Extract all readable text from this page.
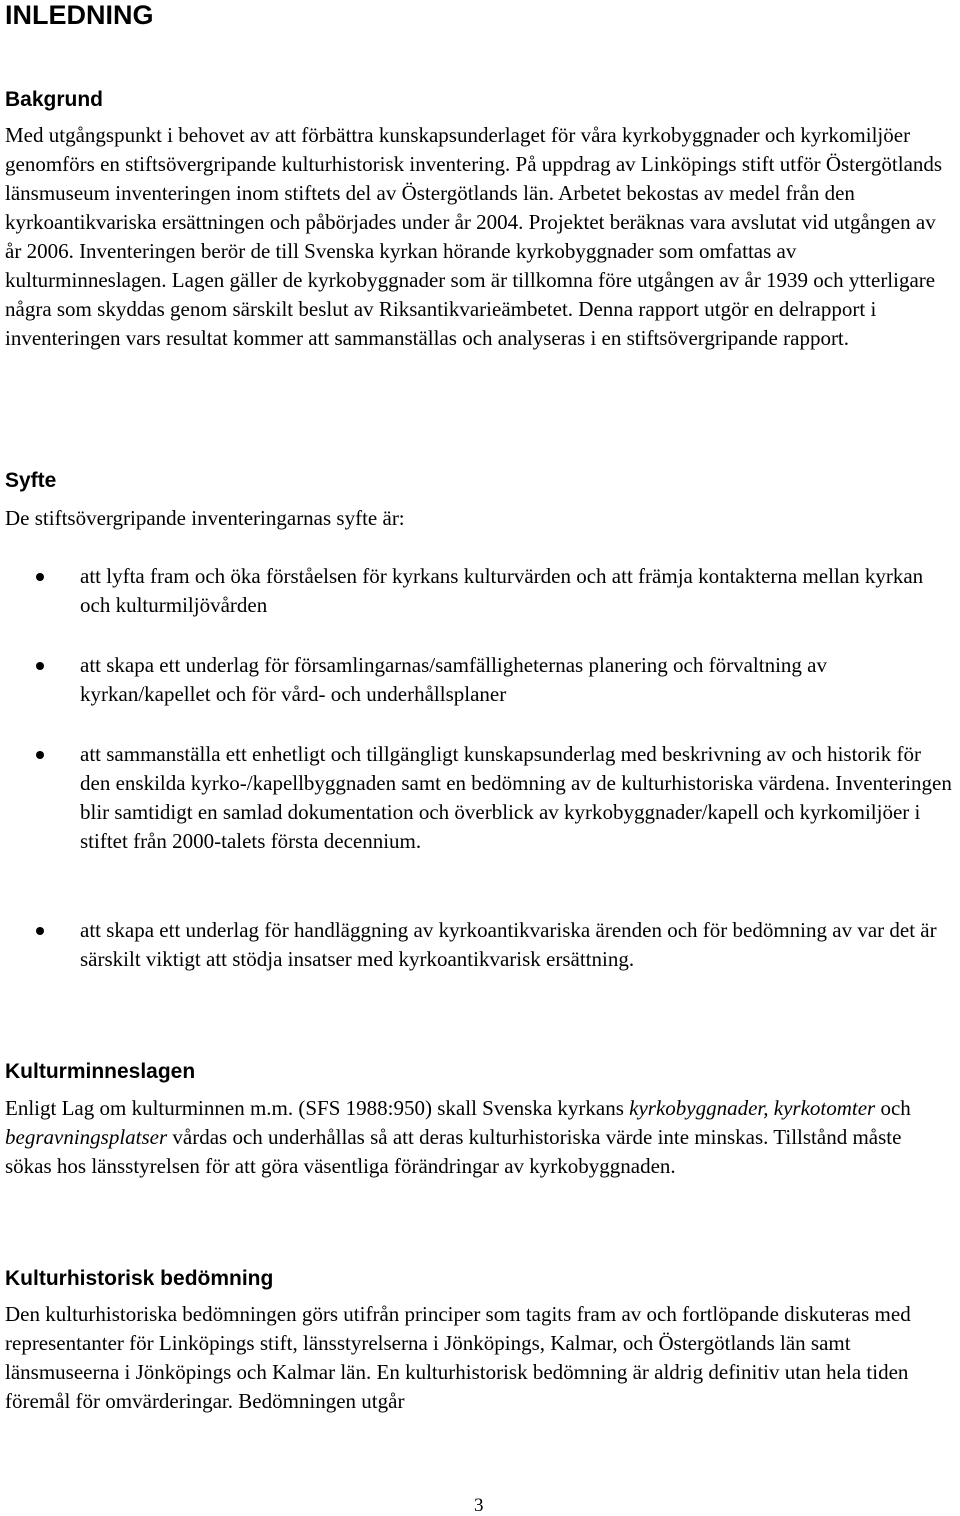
INLEDNING
Bakgrund

Med utgångspunkt i behovet av att förbättra kunskapsunderlaget för våra kyrkobyggnader och kyrkomiljöer genomförs en stiftsövergripande kulturhistorisk inventering. På uppdrag av Linköpings stift utför Östergötlands länsmuseum inventeringen inom stiftets del av Östergötlands län. Arbetet bekostas av medel från den kyrkoantikvariska ersättningen och påbörjades under år 2004. Projektet beräknas vara avslutat vid utgången av år 2006. Inventeringen berör de till Svenska kyrkan hörande kyrkobyggnader som omfattas av kulturminneslagen. Lagen gäller de kyrkobyggnader som är tillkomna före utgången av år 1939 och ytterligare några som skyddas genom särskilt beslut av Riksantikvarieämbetet. Denna rapport utgör en delrapport i inventeringen vars resultat kommer att sammanställas och analyseras i en stiftsövergripande rapport.

Syfte

De stiftsövergripande inventeringarnas syfte är:

att lyfta fram och öka förståelsen för kyrkans kulturvärden och att främja kontakterna mellan kyrkan och kulturmiljövården
att skapa ett underlag för församlingarnas/samfälligheternas planering och förvaltning av kyrkan/kapellet och för vård- och underhållsplaner
att sammanställa ett enhetligt och tillgängligt kunskapsunderlag med beskrivning av och historik för den enskilda kyrko-/kapellbyggnaden samt en bedömning av de kulturhistoriska värdena. Inventeringen blir samtidigt en samlad dokumentation och överblick av kyrkobyggnader/kapell och kyrkomiljöer i stiftet från 2000-talets första decennium.
att skapa ett underlag för handläggning av kyrkoantikvariska ärenden och för bedömning av var det är särskilt viktigt att stödja insatser med kyrkoantikvarisk ersättning.
Kulturminneslagen

Enligt Lag om kulturminnen m.m. (SFS 1988:950) skall Svenska kyrkans kyrkobyggnader, kyrkotomter och begravningsplatser vårdas och underhållas så att deras kulturhistoriska värde inte minskas. Tillstånd måste sökas hos länsstyrelsen för att göra väsentliga förändringar av kyrkobyggnaden.

Kulturhistorisk bedömning

Den kulturhistoriska bedömningen görs utifrån principer som tagits fram av och fortlöpande diskuteras med representanter för Linköpings stift, länsstyrelserna i Jönköpings, Kalmar, och Östergötlands län samt länsmuseerna i Jönköpings och Kalmar län. En kulturhistorisk bedömning är aldrig definitiv utan hela tiden föremål för omvärderingar. Bedömningen utgår

3
